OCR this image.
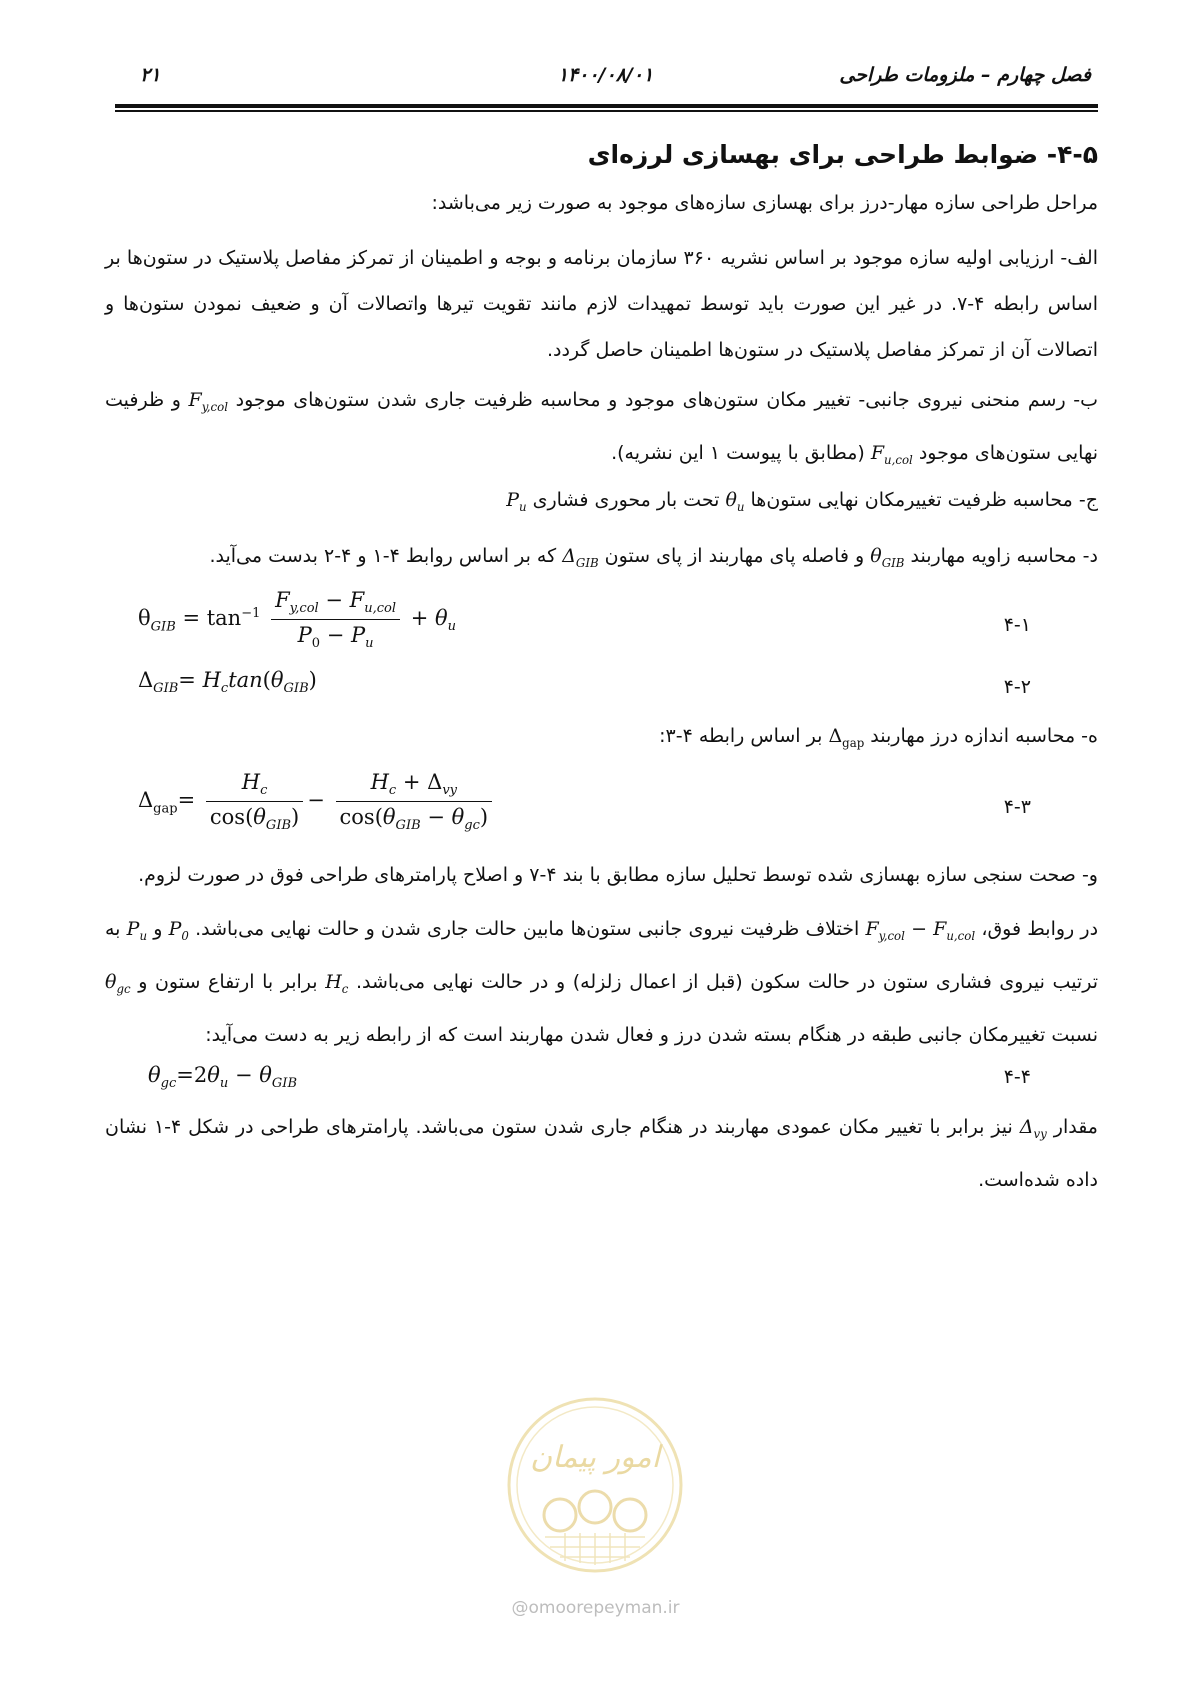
۲۱	۱۴۰۰/۰۸/۰۱	فصل چهارم – ملزومات طراحی
۴-۵- ضوابط طراحی برای بهسازی لرزه‌ای
مراحل طراحی سازه مهار-درز برای بهسازی سازه‌های موجود به صورت زیر می‌باشد:
الف- ارزیابی اولیه سازه موجود بر اساس نشریه ۳۶۰ سازمان برنامه و بوجه و اطمینان از تمرکز مفاصل پلاستیک در ستون‌ها بر اساس رابطه ۴-۷. در غیر این صورت باید توسط تمهیدات لازم مانند تقویت تیرها واتصالات آن و ضعیف نمودن ستون‌ها و اتصالات آن از تمرکز مفاصل پلاستیک در ستون‌ها اطمینان حاصل گردد.
ب- رسم منحنی نیروی جانبی- تغییر مکان ستون‌های موجود و محاسبه ظرفیت جاری شدن ستون‌های موجود $F_{y,col}$ و ظرفیت نهایی ستون‌های موجود $F_{u,col}$ (مطابق با پیوست ۱ این نشریه).
ج- محاسبه ظرفیت تغییرمکان نهایی ستون‌ها $\theta_u$ تحت بار محوری فشاری $P_u$
د- محاسبه زاویه مهاربند $\theta_{GIB}$ و فاصله پای مهاربند از پای ستون $\Delta_{GIB}$ که بر اساس روابط ۴-۱ و ۴-۲ بدست می‌آید.
$\theta_{GIB} = \tan^{-1} \frac{F_{y,col} - F_{u,col}}{P_0 - P_u} + \theta_u$	۴-۱
$\Delta_{GIB}= H_c\tan(\theta_{GIB})$	۴-۲
ه- محاسبه اندازه درز مهاربند $\Delta_{gap}$ بر اساس رابطه ۴-۳:
$\Delta_{gap}= \frac{H_c}{\cos(\theta_{GIB})} - \frac{H_c + \Delta_{vy}}{\cos(\theta_{GIB} - \theta_{gc})}$	۴-۳
و- صحت سنجی سازه بهسازی شده توسط تحلیل سازه مطابق با بند ۴-۷ و اصلاح پارامترهای طراحی فوق در صورت لزوم.
در روابط فوق، $F_{y,col} - F_{u,col}$ اختلاف ظرفیت نیروی جانبی ستون‌ها مابین حالت جاری شدن و حالت نهایی می‌باشد. $P_0$ و $P_u$ به ترتیب نیروی فشاری ستون در حالت سکون (قبل از اعمال زلزله) و در حالت نهایی می‌باشد. $H_c$ برابر با ارتفاع ستون و $\theta_{gc}$ نسبت تغییرمکان جانبی طبقه در هنگام بسته شدن درز و فعال شدن مهاربند است که از رابطه زیر به دست می‌آید:
$\theta_{gc}=2\theta_u - \theta_{GIB}$	۴-۴
مقدار $\Delta_{vy}$ نیز برابر با تغییر مکان عمودی مهاربند در هنگام جاری شدن ستون می‌باشد. پارامترهای طراحی در شکل ۴-۱ نشان داده شده‌است.
امور پیمان
@omoorepeyman.ir
